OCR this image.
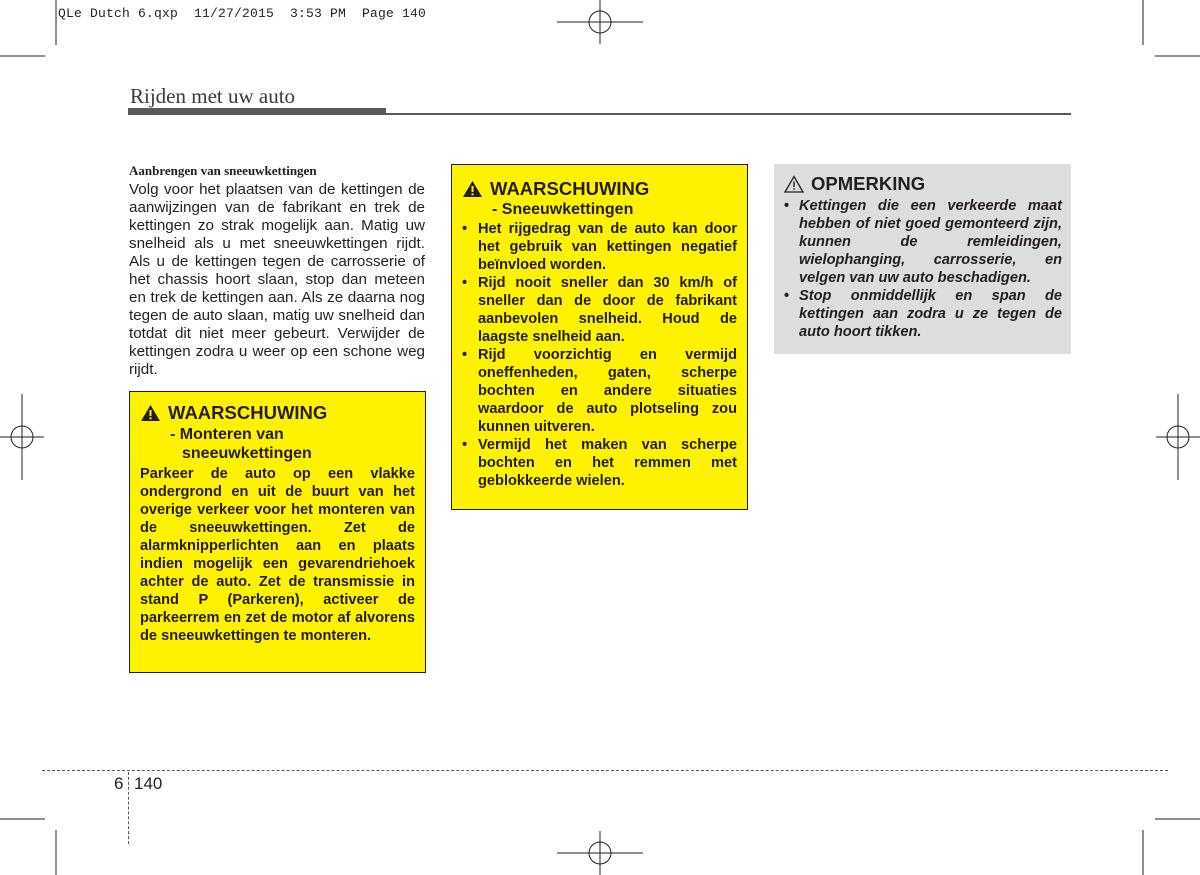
QLe Dutch 6.qxp  11/27/2015  3:53 PM  Page 140
Rijden met uw auto
Aanbrengen van sneeuwkettingen

Volg voor het plaatsen van de kettingen de aanwijzingen van de fabrikant en trek de kettingen zo strak mogelijk aan. Matig uw snelheid als u met sneeuwkettingen rijdt. Als u de kettingen tegen de carrosserie of het chassis hoort slaan, stop dan meteen en trek de kettingen aan. Als ze daarna nog tegen de auto slaan, matig uw snelheid dan totdat dit niet meer gebeurt. Verwijder de kettingen zodra u weer op een schone weg rijdt.

WAARSCHUWING
- Monteren van
sneeuwkettingen

Parkeer de auto op een vlakke ondergrond en uit de buurt van het overige verkeer voor het monteren van de sneeuwkettingen. Zet de alarmknipperlichten aan en plaats indien mogelijk een gevarendriehoek achter de auto. Zet de transmissie in stand P (Parkeren), activeer de parkeerrem en zet de motor af alvorens de sneeuwkettingen te monteren.

WAARSCHUWING
- Sneeuwkettingen
• Het rijgedrag van de auto kan door het gebruik van kettingen negatief beïnvloed worden.
• Rijd nooit sneller dan 30 km/h of sneller dan de door de fabrikant aanbevolen snelheid. Houd de laagste snelheid aan.
• Rijd voorzichtig en vermijd oneffenheden, gaten, scherpe bochten en andere situaties waardoor de auto plotseling zou kunnen uitveren.
• Vermijd het maken van scherpe bochten en het remmen met geblokkeerde wielen.
OPMERKING
• Kettingen die een verkeerde maat hebben of niet goed gemonteerd zijn, kunnen de remleidingen, wielophanging, carrosserie, en velgen van uw auto beschadigen.
• Stop onmiddellijk en span de kettingen aan zodra u ze tegen de auto hoort tikken.
6 140
